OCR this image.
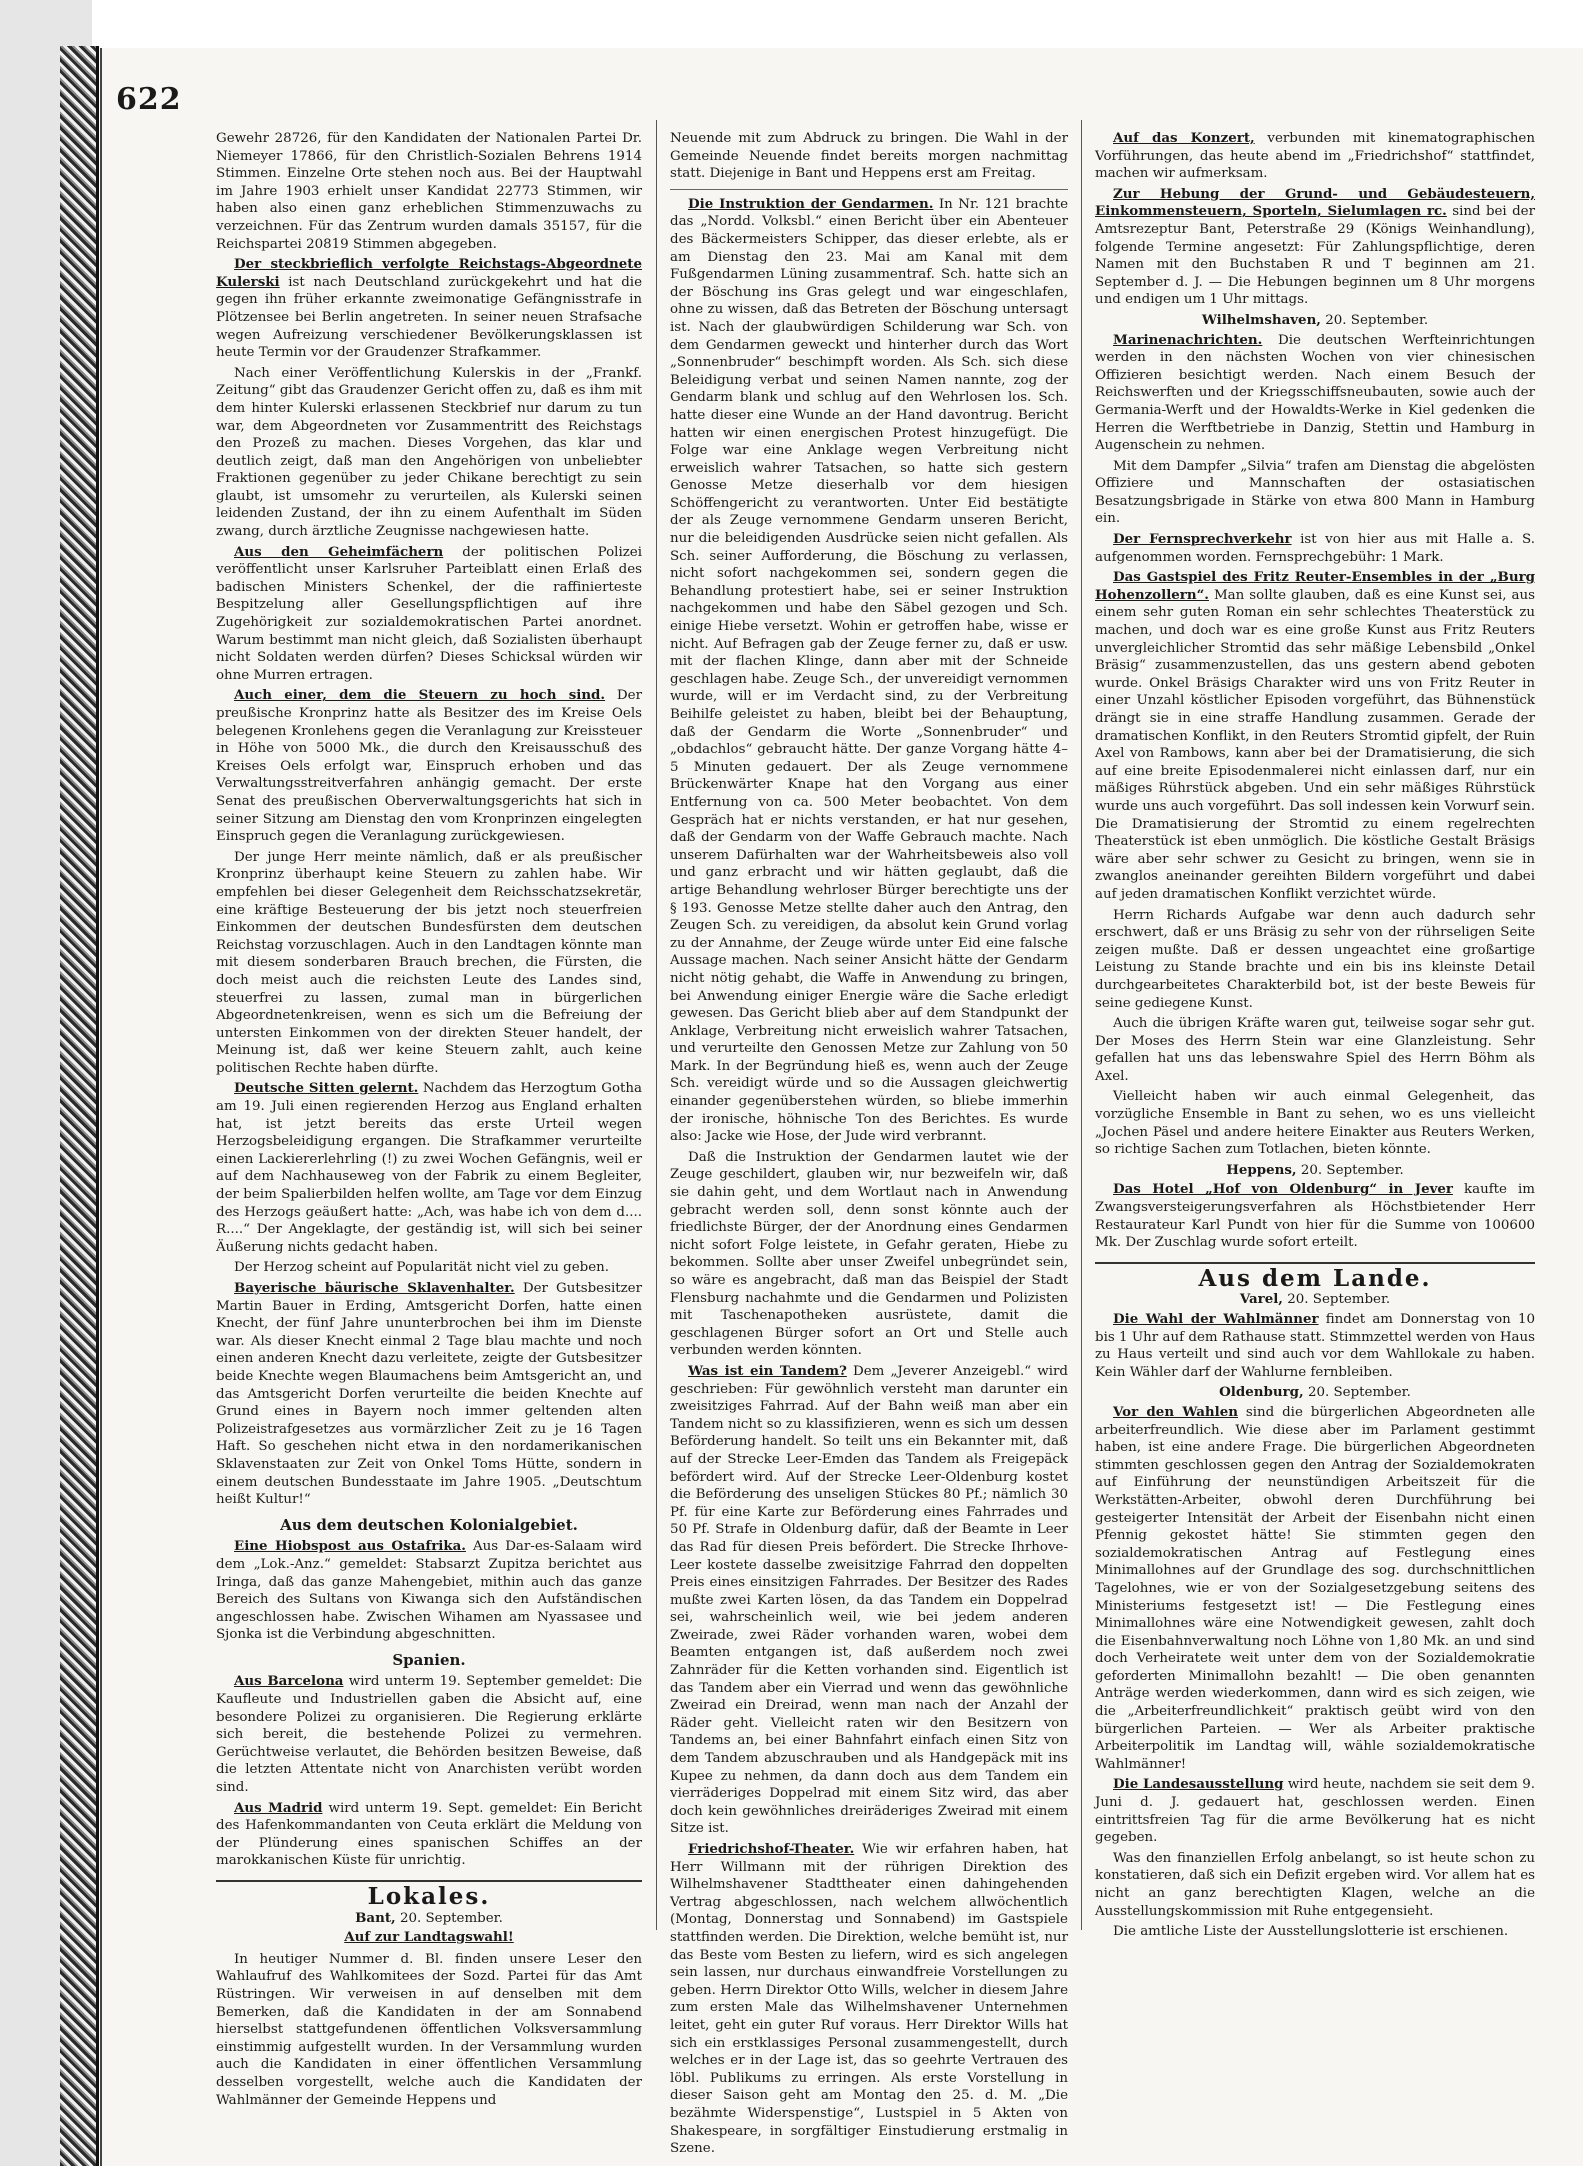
622

Gewehr 28726, für den Kandidaten der Nationalen Partei Dr. Niemeyer 17866, für den Christlich-Sozialen Behrens 1914 Stimmen. Einzelne Orte stehen noch aus. Bei der Hauptwahl im Jahre 1903 erhielt unser Kandidat 22773 Stimmen, wir haben also einen ganz erheblichen Stimmenzuwachs zu verzeichnen. Für das Zentrum wurden damals 35157, für die Reichspartei 20819 Stimmen abgegeben.

Der steckbrieflich verfolgte Reichstags-Abgeordnete Kulerski ist nach Deutschland zurückgekehrt und hat die gegen ihn früher erkannte zweimonatige Gefängnisstrafe in Plötzensee bei Berlin angetreten. In seiner neuen Strafsache wegen Aufreizung verschiedener Bevölkerungsklassen ist heute Termin vor der Graudenzer Strafkammer.

Nach einer Veröffentlichung Kulerskis in der „Frankf. Zeitung“ gibt das Graudenzer Gericht offen zu, daß es ihm mit dem hinter Kulerski erlassenen Steckbrief nur darum zu tun war, dem Abgeordneten vor Zusammentritt des Reichstags den Prozeß zu machen. Dieses Vorgehen, das klar und deutlich zeigt, daß man den Angehörigen von unbeliebter Fraktionen gegenüber zu jeder Chikane berechtigt zu sein glaubt, ist umsomehr zu verurteilen, als Kulerski seinen leidenden Zustand, der ihn zu einem Aufenthalt im Süden zwang, durch ärztliche Zeugnisse nachgewiesen hatte.

Aus den Geheimfächern der politischen Polizei veröffentlicht unser Karlsruher Parteiblatt einen Erlaß des badischen Ministers Schenkel, der die raffinierteste Bespitzelung aller Gesellungspflichtigen auf ihre Zugehörigkeit zur sozialdemokratischen Partei anordnet. Warum bestimmt man nicht gleich, daß Sozialisten überhaupt nicht Soldaten werden dürfen? Dieses Schicksal würden wir ohne Murren ertragen.

Auch einer, dem die Steuern zu hoch sind. Der preußische Kronprinz hatte als Besitzer des im Kreise Oels belegenen Kronlehens gegen die Veranlagung zur Kreissteuer in Höhe von 5000 Mk., die durch den Kreisausschuß des Kreises Oels erfolgt war, Einspruch erhoben und das Verwaltungsstreitverfahren anhängig gemacht. Der erste Senat des preußischen Oberverwaltungsgerichts hat sich in seiner Sitzung am Dienstag den vom Kronprinzen eingelegten Einspruch gegen die Veranlagung zurückgewiesen.

Der junge Herr meinte nämlich, daß er als preußischer Kronprinz überhaupt keine Steuern zu zahlen habe. Wir empfehlen bei dieser Gelegenheit dem Reichsschatzsekretär, eine kräftige Besteuerung der bis jetzt noch steuerfreien Einkommen der deutschen Bundesfürsten dem deutschen Reichstag vorzuschlagen. Auch in den Landtagen könnte man mit diesem sonderbaren Brauch brechen, die Fürsten, die doch meist auch die reichsten Leute des Landes sind, steuerfrei zu lassen, zumal man in bürgerlichen Abgeordnetenkreisen, wenn es sich um die Befreiung der untersten Einkommen von der direkten Steuer handelt, der Meinung ist, daß wer keine Steuern zahlt, auch keine politischen Rechte haben dürfte.

Deutsche Sitten gelernt. Nachdem das Herzogtum Gotha am 19. Juli einen regierenden Herzog aus England erhalten hat, ist jetzt bereits das erste Urteil wegen Herzogsbeleidigung ergangen. Die Strafkammer verurteilte einen Lackiererlehrling (!) zu zwei Wochen Gefängnis, weil er auf dem Nachhauseweg von der Fabrik zu einem Begleiter, der beim Spalierbilden helfen wollte, am Tage vor dem Einzug des Herzogs geäußert hatte: „Ach, was habe ich von dem d.... R....“ Der Angeklagte, der geständig ist, will sich bei seiner Äußerung nichts gedacht haben.

Der Herzog scheint auf Popularität nicht viel zu geben.

Bayerische bäurische Sklavenhalter. Der Gutsbesitzer Martin Bauer in Erding, Amtsgericht Dorfen, hatte einen Knecht, der fünf Jahre ununterbrochen bei ihm im Dienste war. Als dieser Knecht einmal 2 Tage blau machte und noch einen anderen Knecht dazu verleitete, zeigte der Gutsbesitzer beide Knechte wegen Blaumachens beim Amtsgericht an, und das Amtsgericht Dorfen verurteilte die beiden Knechte auf Grund eines in Bayern noch immer geltenden alten Polizeistrafgesetzes aus vormärzlicher Zeit zu je 16 Tagen Haft. So geschehen nicht etwa in den nordamerikanischen Sklavenstaaten zur Zeit von Onkel Toms Hütte, sondern in einem deutschen Bundesstaate im Jahre 1905. „Deutschtum heißt Kultur!“

Aus dem deutschen Kolonialgebiet.

Eine Hiobspost aus Ostafrika. Aus Dar-es-Salaam wird dem „Lok.-Anz.“ gemeldet: Stabsarzt Zupitza berichtet aus Iringa, daß das ganze Mahengebiet, mithin auch das ganze Bereich des Sultans von Kiwanga sich den Aufständischen angeschlossen habe. Zwischen Wihamen am Nyassasee und Sjonka ist die Verbindung abgeschnitten.

Spanien.

Aus Barcelona wird unterm 19. September gemeldet: Die Kaufleute und Industriellen gaben die Absicht auf, eine besondere Polizei zu organisieren. Die Regierung erklärte sich bereit, die bestehende Polizei zu vermehren. Gerüchtweise verlautet, die Behörden besitzen Beweise, daß die letzten Attentate nicht von Anarchisten verübt worden sind.

Aus Madrid wird unterm 19. Sept. gemeldet: Ein Bericht des Hafenkommandanten von Ceuta erklärt die Meldung von der Plünderung eines spanischen Schiffes an der marokkanischen Küste für unrichtig.

Lokales.
Bant, 20. September.
Auf zur Landtagswahl!

In heutiger Nummer d. Bl. finden unsere Leser den Wahlaufruf des Wahlkomitees der Sozd. Partei für das Amt Rüstringen. Wir verweisen in auf denselben mit dem Bemerken, daß die Kandidaten in der am Sonnabend hierselbst stattgefundenen öffentlichen Volksversammlung einstimmig aufgestellt wurden. In der Versammlung wurden auch die Kandidaten in einer öffentlichen Versammlung desselben vorgestellt, welche auch die Kandidaten der Wahlmänner der Gemeinde Heppens und

Neuende mit zum Abdruck zu bringen. Die Wahl in der Gemeinde Neuende findet bereits morgen nachmittag statt. Diejenige in Bant und Heppens erst am Freitag.

Die Instruktion der Gendarmen. In Nr. 121 brachte das „Nordd. Volksbl.“ einen Bericht über ein Abenteuer des Bäckermeisters Schipper, das dieser erlebte, als er am Dienstag den 23. Mai am Kanal mit dem Fußgendarmen Lüning zusammentraf. Sch. hatte sich an der Böschung ins Gras gelegt und war eingeschlafen, ohne zu wissen, daß das Betreten der Böschung untersagt ist. Nach der glaubwürdigen Schilderung war Sch. von dem Gendarmen geweckt und hinterher durch das Wort „Sonnenbruder“ beschimpft worden. Als Sch. sich diese Beleidigung verbat und seinen Namen nannte, zog der Gendarm blank und schlug auf den Wehrlosen los. Sch. hatte dieser eine Wunde an der Hand davontrug. Bericht hatten wir einen energischen Protest hinzugefügt. Die Folge war eine Anklage wegen Verbreitung nicht erweislich wahrer Tatsachen, so hatte sich gestern Genosse Metze dieserhalb vor dem hiesigen Schöffengericht zu verantworten. Unter Eid bestätigte der als Zeuge vernommene Gendarm unseren Bericht, nur die beleidigenden Ausdrücke seien nicht gefallen. Als Sch. seiner Aufforderung, die Böschung zu verlassen, nicht sofort nachgekommen sei, sondern gegen die Behandlung protestiert habe, sei er seiner Instruktion nachgekommen und habe den Säbel gezogen und Sch. einige Hiebe versetzt. Wohin er getroffen habe, wisse er nicht. Auf Befragen gab der Zeuge ferner zu, daß er usw. mit der flachen Klinge, dann aber mit der Schneide geschlagen habe. Zeuge Sch., der unvereidigt vernommen wurde, will er im Verdacht sind, zu der Verbreitung Beihilfe geleistet zu haben, bleibt bei der Behauptung, daß der Gendarm die Worte „Sonnenbruder“ und „obdachlos“ gebraucht hätte. Der ganze Vorgang hätte 4–5 Minuten gedauert. Der als Zeuge vernommene Brückenwärter Knape hat den Vorgang aus einer Entfernung von ca. 500 Meter beobachtet. Von dem Gespräch hat er nichts verstanden, er hat nur gesehen, daß der Gendarm von der Waffe Gebrauch machte. Nach unserem Dafürhalten war der Wahrheitsbeweis also voll und ganz erbracht und wir hätten geglaubt, daß die artige Behandlung wehrloser Bürger berechtigte uns der § 193. Genosse Metze stellte daher auch den Antrag, den Zeugen Sch. zu vereidigen, da absolut kein Grund vorlag zu der Annahme, der Zeuge würde unter Eid eine falsche Aussage machen. Nach seiner Ansicht hätte der Gendarm nicht nötig gehabt, die Waffe in Anwendung zu bringen, bei Anwendung einiger Energie wäre die Sache erledigt gewesen. Das Gericht blieb aber auf dem Standpunkt der Anklage, Verbreitung nicht erweislich wahrer Tatsachen, und verurteilte den Genossen Metze zur Zahlung von 50 Mark. In der Begründung hieß es, wenn auch der Zeuge Sch. vereidigt würde und so die Aussagen gleichwertig einander gegenüberstehen würden, so bliebe immerhin der ironische, höhnische Ton des Berichtes. Es wurde also: Jacke wie Hose, der Jude wird verbrannt.

Daß die Instruktion der Gendarmen lautet wie der Zeuge geschildert, glauben wir, nur bezweifeln wir, daß sie dahin geht, und dem Wortlaut nach in Anwendung gebracht werden soll, denn sonst könnte auch der friedlichste Bürger, der der Anordnung eines Gendarmen nicht sofort Folge leistete, in Gefahr geraten, Hiebe zu bekommen. Sollte aber unser Zweifel unbegründet sein, so wäre es angebracht, daß man das Beispiel der Stadt Flensburg nachahmte und die Gendarmen und Polizisten mit Taschenapotheken ausrüstete, damit die geschlagenen Bürger sofort an Ort und Stelle auch verbunden werden könnten.

Was ist ein Tandem? Dem „Jeverer Anzeigebl.“ wird geschrieben: Für gewöhnlich versteht man darunter ein zweisitziges Fahrrad. Auf der Bahn weiß man aber ein Tandem nicht so zu klassifizieren, wenn es sich um dessen Beförderung handelt. So teilt uns ein Bekannter mit, daß auf der Strecke Leer-Emden das Tandem als Freigepäck befördert wird. Auf der Strecke Leer-Oldenburg kostet die Beförderung des unseligen Stückes 80 Pf.; nämlich 30 Pf. für eine Karte zur Beförderung eines Fahrrades und 50 Pf. Strafe in Oldenburg dafür, daß der Beamte in Leer das Rad für diesen Preis befördert. Die Strecke Ihrhove-Leer kostete dasselbe zweisitzige Fahrrad den doppelten Preis eines einsitzigen Fahrrades. Der Besitzer des Rades mußte zwei Karten lösen, da das Tandem ein Doppelrad sei, wahrscheinlich weil, wie bei jedem anderen Zweirade, zwei Räder vorhanden waren, wobei dem Beamten entgangen ist, daß außerdem noch zwei Zahnräder für die Ketten vorhanden sind. Eigentlich ist das Tandem aber ein Vierrad und wenn das gewöhnliche Zweirad ein Dreirad, wenn man nach der Anzahl der Räder geht. Vielleicht raten wir den Besitzern von Tandems an, bei einer Bahnfahrt einfach einen Sitz von dem Tandem abzuschrauben und als Handgepäck mit ins Kupee zu nehmen, da dann doch aus dem Tandem ein vierräderiges Doppelrad mit einem Sitz wird, das aber doch kein gewöhnliches dreiräderiges Zweirad mit einem Sitze ist.

Friedrichshof-Theater. Wie wir erfahren haben, hat Herr Willmann mit der rührigen Direktion des Wilhelmshavener Stadttheater einen dahingehenden Vertrag abgeschlossen, nach welchem allwöchentlich (Montag, Donnerstag und Sonnabend) im Gastspiele stattfinden werden. Die Direktion, welche bemüht ist, nur das Beste vom Besten zu liefern, wird es sich angelegen sein lassen, nur durchaus einwandfreie Vorstellungen zu geben. Herrn Direktor Otto Wills, welcher in diesem Jahre zum ersten Male das Wilhelmshavener Unternehmen leitet, geht ein guter Ruf voraus. Herr Direktor Wills hat sich ein erstklassiges Personal zusammengestellt, durch welches er in der Lage ist, das so geehrte Vertrauen des löbl. Publikums zu erringen. Als erste Vorstellung in dieser Saison geht am Montag den 25. d. M. „Die bezähmte Widerspenstige“, Lustspiel in 5 Akten von Shakespeare, in sorgfältiger Einstudierung erstmalig in Szene.

Auf das Konzert, verbunden mit kinematographischen Vorführungen, das heute abend im „Friedrichshof“ stattfindet, machen wir aufmerksam.

Zur Hebung der Grund- und Gebäudesteuern, Einkommensteuern, Sporteln, Sielumlagen rc. sind bei der Amtsrezeptur Bant, Peterstraße 29 (Königs Weinhandlung), folgende Termine angesetzt: Für Zahlungspflichtige, deren Namen mit den Buchstaben R und T beginnen am 21. September d. J. — Die Hebungen beginnen um 8 Uhr morgens und endigen um 1 Uhr mittags.

Wilhelmshaven, 20. September.

Marinenachrichten. Die deutschen Werfteinrichtungen werden in den nächsten Wochen von vier chinesischen Offizieren besichtigt werden. Nach einem Besuch der Reichswerften und der Kriegsschiffsneubauten, sowie auch der Germania-Werft und der Howaldts-Werke in Kiel gedenken die Herren die Werftbetriebe in Danzig, Stettin und Hamburg in Augenschein zu nehmen.

Mit dem Dampfer „Silvia“ trafen am Dienstag die abgelösten Offiziere und Mannschaften der ostasiatischen Besatzungsbrigade in Stärke von etwa 800 Mann in Hamburg ein.

Der Fernsprechverkehr ist von hier aus mit Halle a. S. aufgenommen worden. Fernsprechgebühr: 1 Mark.

Das Gastspiel des Fritz Reuter-Ensembles in der „Burg Hohenzollern“. Man sollte glauben, daß es eine Kunst sei, aus einem sehr guten Roman ein sehr schlechtes Theaterstück zu machen, und doch war es eine große Kunst aus Fritz Reuters unvergleichlicher Stromtid das sehr mäßige Lebensbild „Onkel Bräsig“ zusammenzustellen, das uns gestern abend geboten wurde. Onkel Bräsigs Charakter wird uns von Fritz Reuter in einer Unzahl köstlicher Episoden vorgeführt, das Bühnenstück drängt sie in eine straffe Handlung zusammen. Gerade der dramatischen Konflikt, in den Reuters Stromtid gipfelt, der Ruin Axel von Rambows, kann aber bei der Dramatisierung, die sich auf eine breite Episodenmalerei nicht einlassen darf, nur ein mäßiges Rührstück abgeben. Und ein sehr mäßiges Rührstück wurde uns auch vorgeführt. Das soll indessen kein Vorwurf sein. Die Dramatisierung der Stromtid zu einem regelrechten Theaterstück ist eben unmöglich. Die köstliche Gestalt Bräsigs wäre aber sehr schwer zu Gesicht zu bringen, wenn sie in zwanglos aneinander gereihten Bildern vorgeführt und dabei auf jeden dramatischen Konflikt verzichtet würde.

Herrn Richards Aufgabe war denn auch dadurch sehr erschwert, daß er uns Bräsig zu sehr von der rührseligen Seite zeigen mußte. Daß er dessen ungeachtet eine großartige Leistung zu Stande brachte und ein bis ins kleinste Detail durchgearbeitetes Charakterbild bot, ist der beste Beweis für seine gediegene Kunst.

Auch die übrigen Kräfte waren gut, teilweise sogar sehr gut. Der Moses des Herrn Stein war eine Glanzleistung. Sehr gefallen hat uns das lebenswahre Spiel des Herrn Böhm als Axel.

Vielleicht haben wir auch einmal Gelegenheit, das vorzügliche Ensemble in Bant zu sehen, wo es uns vielleicht „Jochen Päsel und andere heitere Einakter aus Reuters Werken, so richtige Sachen zum Totlachen, bieten könnte.

Heppens, 20. September.

Das Hotel „Hof von Oldenburg“ in Jever kaufte im Zwangsversteigerungsverfahren als Höchstbietender Herr Restaurateur Karl Pundt von hier für die Summe von 100600 Mk. Der Zuschlag wurde sofort erteilt.

Aus dem Lande.
Varel, 20. September.

Die Wahl der Wahlmänner findet am Donnerstag von 10 bis 1 Uhr auf dem Rathause statt. Stimmzettel werden von Haus zu Haus verteilt und sind auch vor dem Wahllokale zu haben. Kein Wähler darf der Wahlurne fernbleiben.

Oldenburg, 20. September.

Vor den Wahlen sind die bürgerlichen Abgeordneten alle arbeiterfreundlich. Wie diese aber im Parlament gestimmt haben, ist eine andere Frage. Die bürgerlichen Abgeordneten stimmten geschlossen gegen den Antrag der Sozialdemokraten auf Einführung der neunstündigen Arbeitszeit für die Werkstätten-Arbeiter, obwohl deren Durchführung bei gesteigerter Intensität der Arbeit der Eisenbahn nicht einen Pfennig gekostet hätte! Sie stimmten gegen den sozialdemokratischen Antrag auf Festlegung eines Minimallohnes auf der Grundlage des sog. durchschnittlichen Tagelohnes, wie er von der Sozialgesetzgebung seitens des Ministeriums festgesetzt ist! — Die Festlegung eines Minimallohnes wäre eine Notwendigkeit gewesen, zahlt doch die Eisenbahnverwaltung noch Löhne von 1,80 Mk. an und sind doch Verheiratete weit unter dem von der Sozialdemokratie geforderten Minimallohn bezahlt! — Die oben genannten Anträge werden wiederkommen, dann wird es sich zeigen, wie die „Arbeiterfreundlichkeit“ praktisch geübt wird von den bürgerlichen Parteien. — Wer als Arbeiter praktische Arbeiterpolitik im Landtag will, wähle sozialdemokratische Wahlmänner!

Die Landesausstellung wird heute, nachdem sie seit dem 9. Juni d. J. gedauert hat, geschlossen werden. Einen eintrittsfreien Tag für die arme Bevölkerung hat es nicht gegeben.

Was den finanziellen Erfolg anbelangt, so ist heute schon zu konstatieren, daß sich ein Defizit ergeben wird. Vor allem hat es nicht an ganz berechtigten Klagen, welche an die Ausstellungskommission mit Ruhe entgegensieht.

Die amtliche Liste der Ausstellungslotterie ist erschienen.
